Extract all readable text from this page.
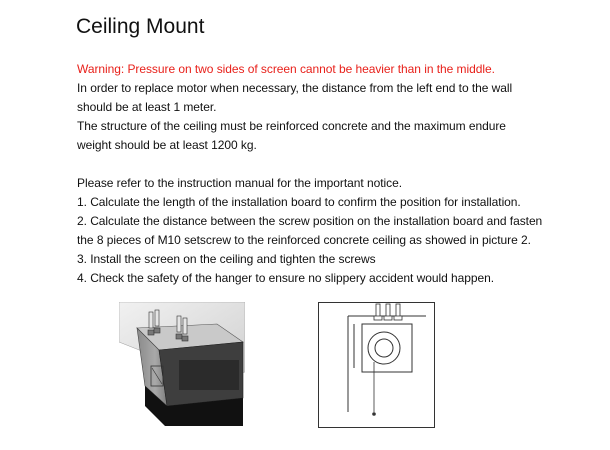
Ceiling Mount
Warning: Pressure on two sides of screen cannot be heavier than in the middle.
In order to replace motor when necessary, the distance from the left end to the wall
should be at least 1 meter.
The structure of the ceiling must be reinforced concrete and the maximum endure
weight should be at least 1200 kg.
Please refer to the instruction manual for the important notice.
1. Calculate the length of the installation board to confirm the position for installation.
2. Calculate the distance between the screw position on the installation board and fasten
the 8 pieces of M10 setscrew to the reinforced concrete ceiling as showed in picture 2.
3. Install the screen on the ceiling and tighten the screws
4. Check the safety of the hanger to ensure no slippery accident would happen.
